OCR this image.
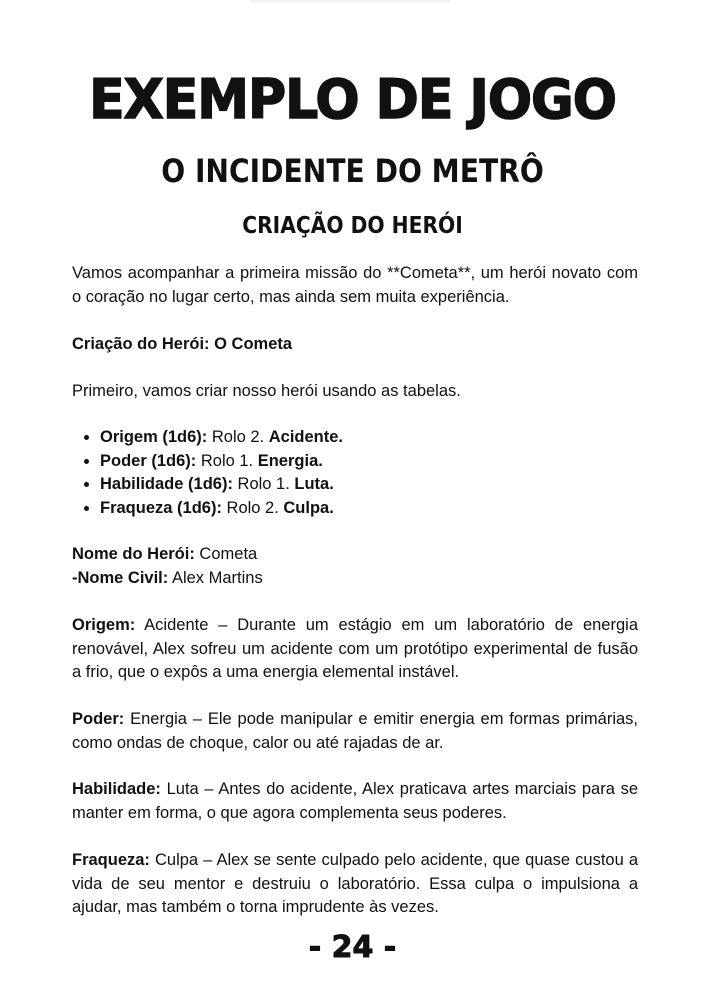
EXEMPLO DE JOGO
O INCIDENTE DO METRÔ
CRIAÇÃO DO HERÓI
Vamos acompanhar a primeira missão do **Cometa**, um herói novato com o coração no lugar certo, mas ainda sem muita experiência.
Criação do Herói: O Cometa
Primeiro, vamos criar nosso herói usando as tabelas.
• Origem (1d6): Rolo 2. Acidente.
• Poder (1d6): Rolo 1. Energia.
• Habilidade (1d6): Rolo 1. Luta.
• Fraqueza (1d6): Rolo 2. Culpa.
Nome do Herói: Cometa
-Nome Civil: Alex Martins
Origem: Acidente – Durante um estágio em um laboratório de energia renovável, Alex sofreu um acidente com um protótipo experimental de fusão a frio, que o expôs a uma energia elemental instável.
Poder: Energia – Ele pode manipular e emitir energia em formas primárias, como ondas de choque, calor ou até rajadas de ar.
Habilidade: Luta – Antes do acidente, Alex praticava artes marciais para se manter em forma, o que agora complementa seus poderes.
Fraqueza: Culpa – Alex se sente culpado pelo acidente, que quase custou a vida de seu mentor e destruiu o laboratório. Essa culpa o impulsiona a ajudar, mas também o torna imprudente às vezes.
- 24 -
